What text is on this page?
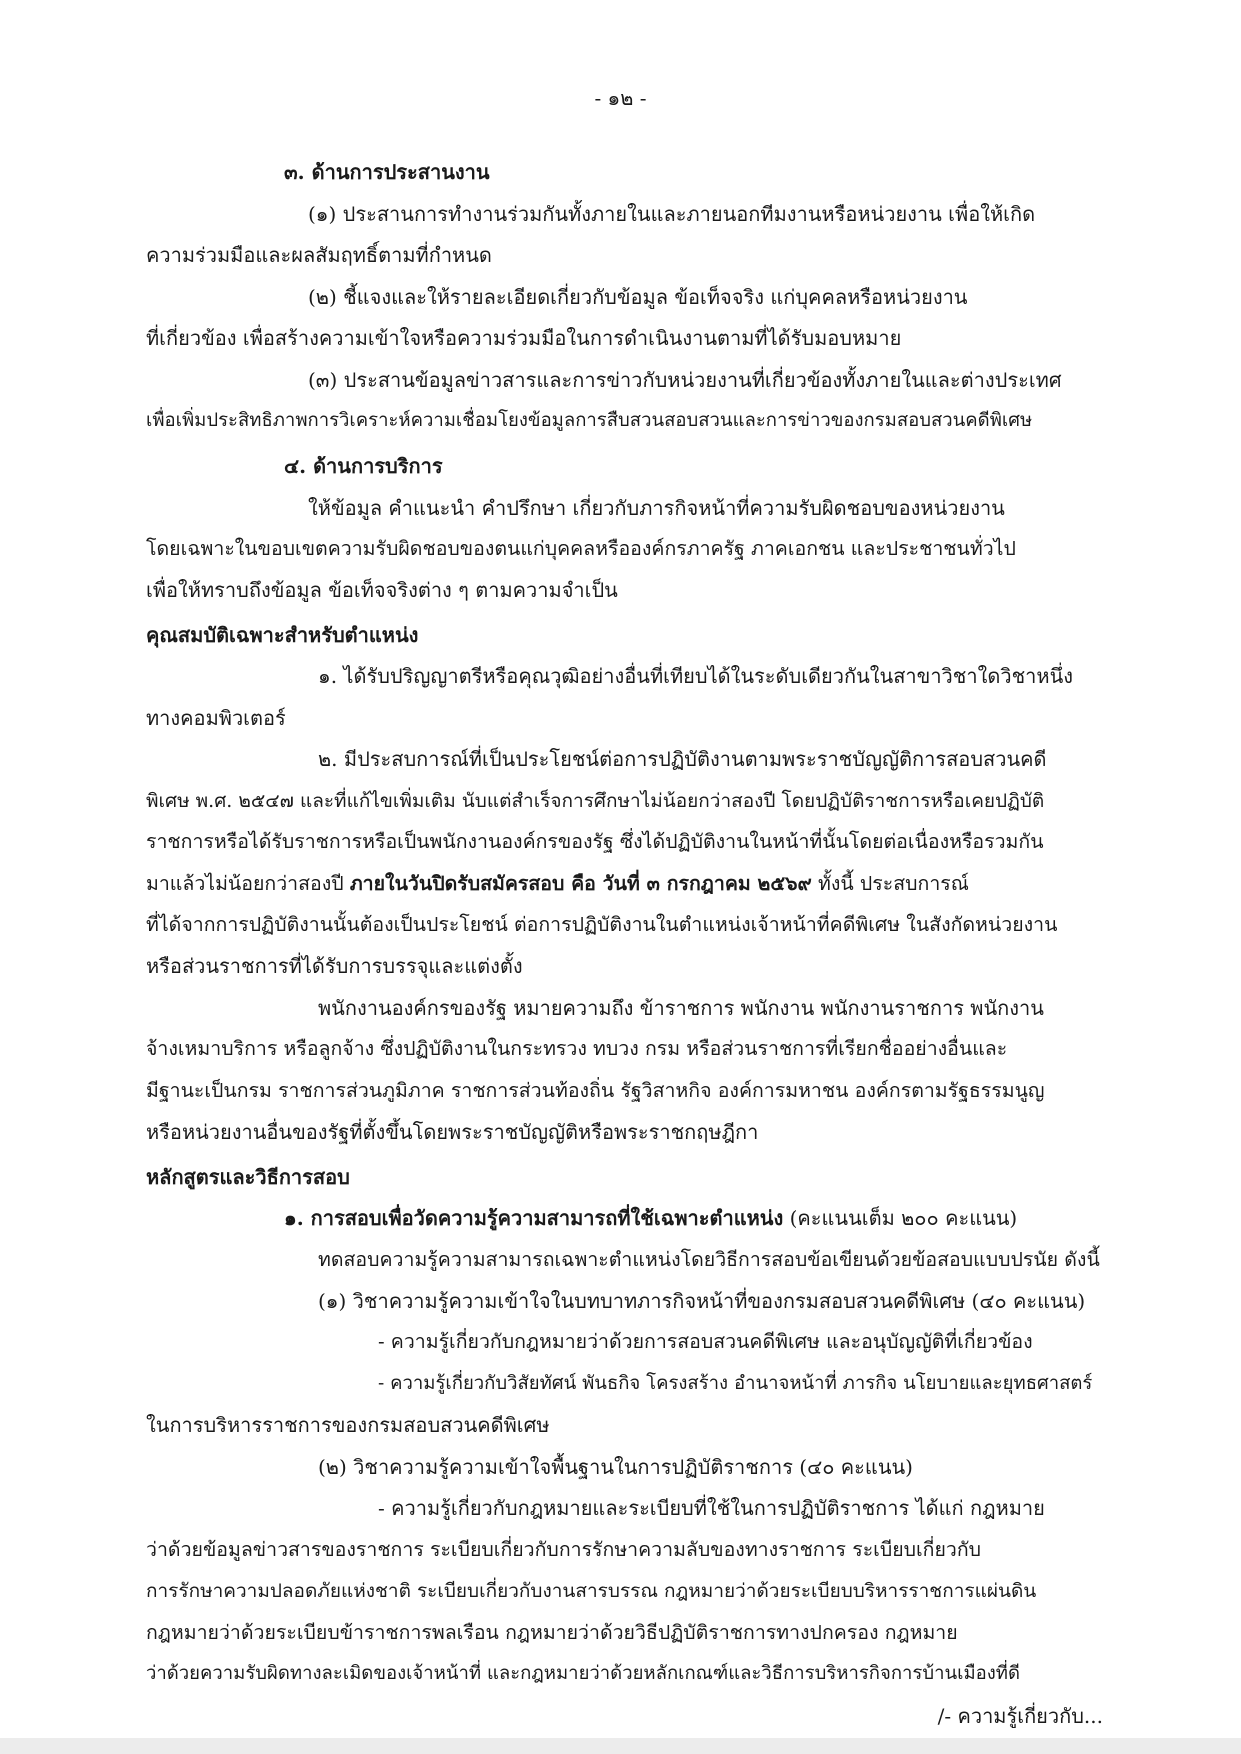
- ๑๒ -
๓. ด้านการประสานงาน
(๑) ประสานการทำงานร่วมกันทั้งภายในและภายนอกทีมงานหรือหน่วยงาน เพื่อให้เกิด
ความร่วมมือและผลสัมฤทธิ์ตามที่กำหนด
(๒) ชี้แจงและให้รายละเอียดเกี่ยวกับข้อมูล ข้อเท็จจริง แก่บุคคลหรือหน่วยงาน
ที่เกี่ยวข้อง เพื่อสร้างความเข้าใจหรือความร่วมมือในการดำเนินงานตามที่ได้รับมอบหมาย
(๓) ประสานข้อมูลข่าวสารและการข่าวกับหน่วยงานที่เกี่ยวข้องทั้งภายในและต่างประเทศ
เพื่อเพิ่มประสิทธิภาพการวิเคราะห์ความเชื่อมโยงข้อมูลการสืบสวนสอบสวนและการข่าวของกรมสอบสวนคดีพิเศษ
๔. ด้านการบริการ
ให้ข้อมูล คำแนะนำ คำปรึกษา เกี่ยวกับภารกิจหน้าที่ความรับผิดชอบของหน่วยงาน
โดยเฉพาะในขอบเขตความรับผิดชอบของตนแก่บุคคลหรือองค์กรภาครัฐ ภาคเอกชน และประชาชนทั่วไป
เพื่อให้ทราบถึงข้อมูล ข้อเท็จจริงต่าง ๆ ตามความจำเป็น
คุณสมบัติเฉพาะสำหรับตำแหน่ง
๑. ได้รับปริญญาตรีหรือคุณวุฒิอย่างอื่นที่เทียบได้ในระดับเดียวกันในสาขาวิชาใดวิชาหนึ่ง
ทางคอมพิวเตอร์
๒. มีประสบการณ์ที่เป็นประโยชน์ต่อการปฏิบัติงานตามพระราชบัญญัติการสอบสวนคดี
พิเศษ พ.ศ. ๒๕๔๗ และที่แก้ไขเพิ่มเติม นับแต่สำเร็จการศึกษาไม่น้อยกว่าสองปี โดยปฏิบัติราชการหรือเคยปฏิบัติ
ราชการหรือได้รับราชการหรือเป็นพนักงานองค์กรของรัฐ ซึ่งได้ปฏิบัติงานในหน้าที่นั้นโดยต่อเนื่องหรือรวมกัน
มาแล้วไม่น้อยกว่าสองปี ภายในวันปิดรับสมัครสอบ คือ วันที่ ๓ กรกฎาคม ๒๕๖๙ ทั้งนี้ ประสบการณ์
ที่ได้จากการปฏิบัติงานนั้นต้องเป็นประโยชน์ ต่อการปฏิบัติงานในตำแหน่งเจ้าหน้าที่คดีพิเศษ ในสังกัดหน่วยงาน
หรือส่วนราชการที่ได้รับการบรรจุและแต่งตั้ง
พนักงานองค์กรของรัฐ หมายความถึง ข้าราชการ พนักงาน พนักงานราชการ พนักงาน
จ้างเหมาบริการ หรือลูกจ้าง ซึ่งปฏิบัติงานในกระทรวง ทบวง กรม หรือส่วนราชการที่เรียกชื่ออย่างอื่นและ
มีฐานะเป็นกรม ราชการส่วนภูมิภาค ราชการส่วนท้องถิ่น รัฐวิสาหกิจ องค์การมหาชน องค์กรตามรัฐธรรมนูญ
หรือหน่วยงานอื่นของรัฐที่ตั้งขึ้นโดยพระราชบัญญัติหรือพระราชกฤษฎีกา
หลักสูตรและวิธีการสอบ
๑. การสอบเพื่อวัดความรู้ความสามารถที่ใช้เฉพาะตำแหน่ง (คะแนนเต็ม ๒๐๐ คะแนน)
ทดสอบความรู้ความสามารถเฉพาะตำแหน่งโดยวิธีการสอบข้อเขียนด้วยข้อสอบแบบปรนัย ดังนี้
(๑) วิชาความรู้ความเข้าใจในบทบาทภารกิจหน้าที่ของกรมสอบสวนคดีพิเศษ (๔๐ คะแนน)
- ความรู้เกี่ยวกับกฎหมายว่าด้วยการสอบสวนคดีพิเศษ และอนุบัญญัติที่เกี่ยวข้อง
- ความรู้เกี่ยวกับวิสัยทัศน์ พันธกิจ โครงสร้าง อำนาจหน้าที่ ภารกิจ นโยบายและยุทธศาสตร์
ในการบริหารราชการของกรมสอบสวนคดีพิเศษ
(๒) วิชาความรู้ความเข้าใจพื้นฐานในการปฏิบัติราชการ (๔๐ คะแนน)
- ความรู้เกี่ยวกับกฎหมายและระเบียบที่ใช้ในการปฏิบัติราชการ ได้แก่ กฎหมาย
ว่าด้วยข้อมูลข่าวสารของราชการ ระเบียบเกี่ยวกับการรักษาความลับของทางราชการ ระเบียบเกี่ยวกับ
การรักษาความปลอดภัยแห่งชาติ ระเบียบเกี่ยวกับงานสารบรรณ กฎหมายว่าด้วยระเบียบบริหารราชการแผ่นดิน
กฎหมายว่าด้วยระเบียบข้าราชการพลเรือน กฎหมายว่าด้วยวิธีปฏิบัติราชการทางปกครอง กฎหมาย
ว่าด้วยความรับผิดทางละเมิดของเจ้าหน้าที่ และกฎหมายว่าด้วยหลักเกณฑ์และวิธีการบริหารกิจการบ้านเมืองที่ดี
/- ความรู้เกี่ยวกับ...
